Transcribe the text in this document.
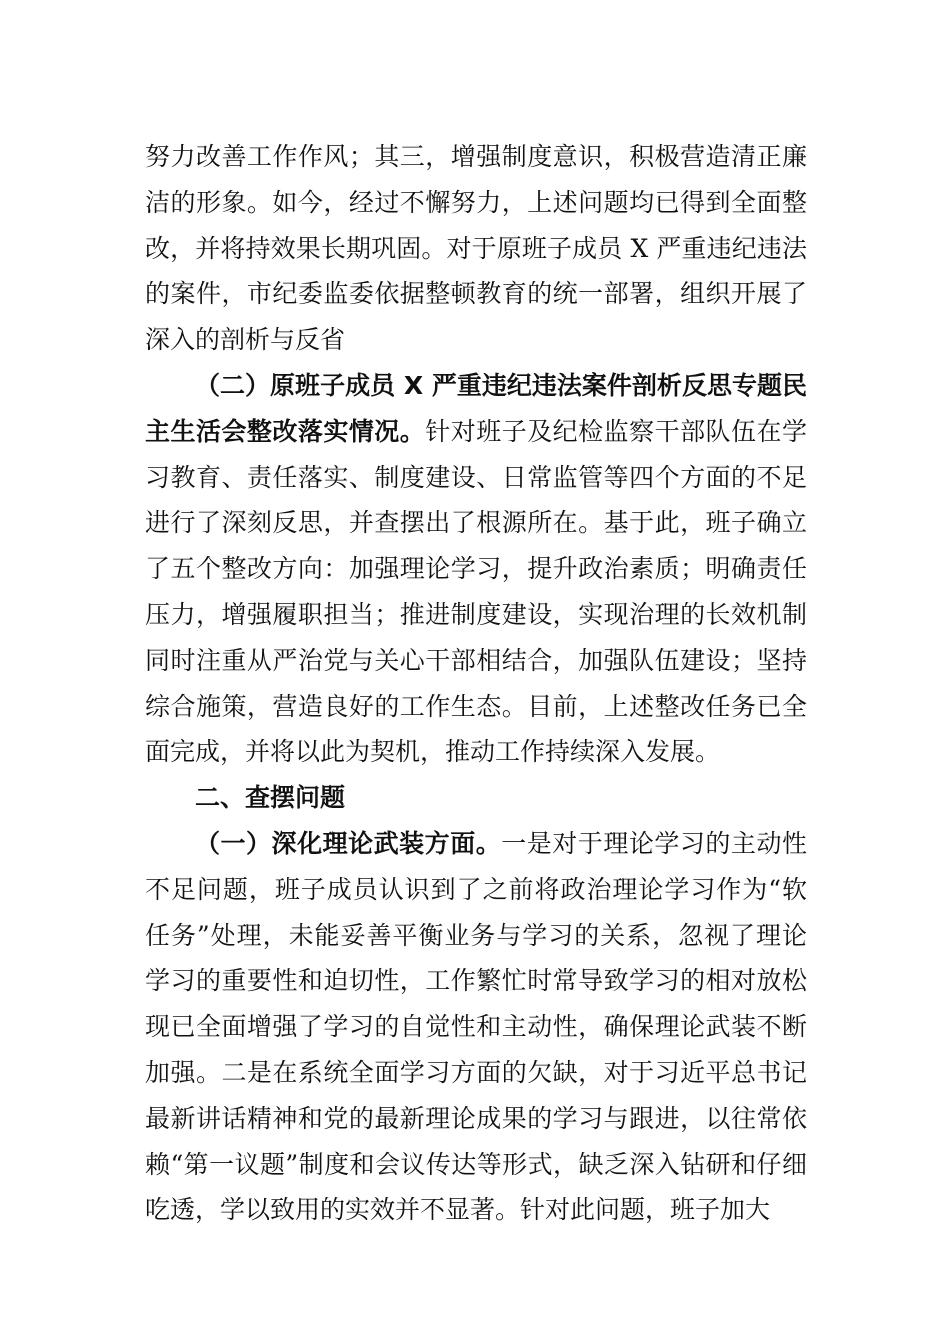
努力改善工作作风；其三，增强制度意识，积极营造清正廉洁的形象。如今，经过不懈努力，上述问题均已得到全面整改，并将持效果长期巩固。对于原班子成员 X 严重违纪违法的案件，市纪委监委依据整顿教育的统一部署，组织开展了深入的剖析与反省

（二）原班子成员 X 严重违纪违法案件剖析反思专题民主生活会整改落实情况。针对班子及纪检监察干部队伍在学习教育、责任落实、制度建设、日常监管等四个方面的不足进行了深刻反思，并查摆出了根源所在。基于此，班子确立了五个整改方向：加强理论学习，提升政治素质；明确责任压力，增强履职担当；推进制度建设，实现治理的长效机制同时注重从严治党与关心干部相结合，加强队伍建设；坚持综合施策，营造良好的工作生态。目前，上述整改任务已全面完成，并将以此为契机，推动工作持续深入发展。

二、查摆问题

（一）深化理论武装方面。一是对于理论学习的主动性不足问题，班子成员认识到了之前将政治理论学习作为“软任务”处理，未能妥善平衡业务与学习的关系，忽视了理论学习的重要性和迫切性，工作繁忙时常导致学习的相对放松现已全面增强了学习的自觉性和主动性，确保理论武装不断加强。二是在系统全面学习方面的欠缺，对于习近平总书记最新讲话精神和党的最新理论成果的学习与跟进，以往常依赖“第一议题”制度和会议传达等形式，缺乏深入钻研和仔细吃透，学以致用的实效并不显著。针对此问题，班子加大
